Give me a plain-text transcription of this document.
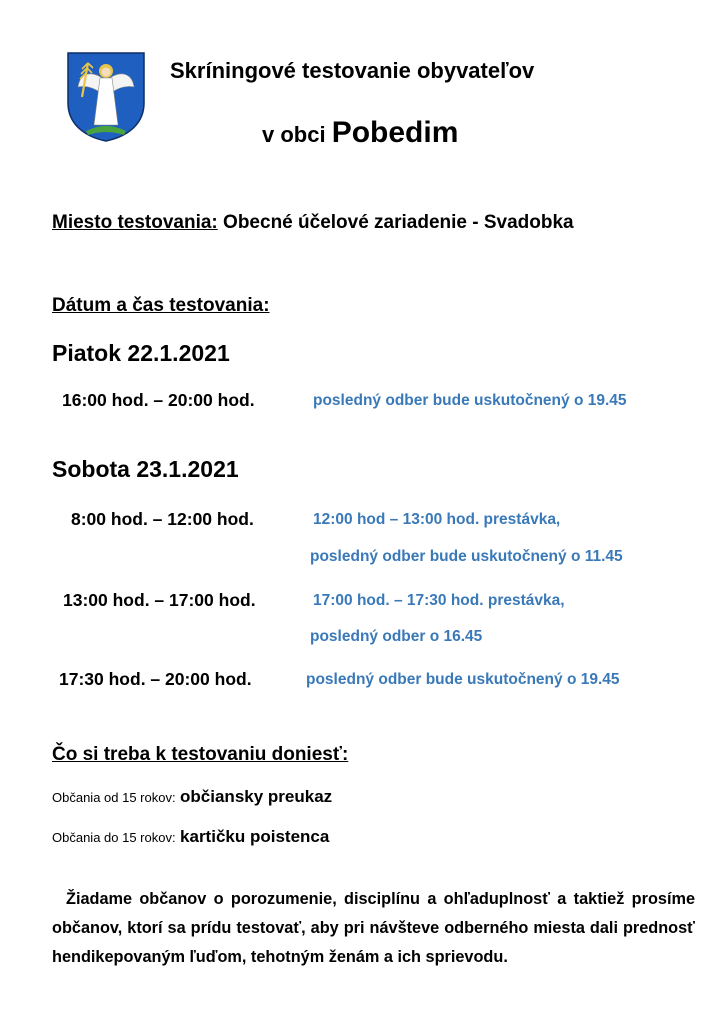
Skríningové testovanie obyvateľov
v obci Pobedim
Miesto testovania: Obecné účelové zariadenie - Svadobka
Dátum a čas testovania:
Piatok 22.1.2021
16:00 hod. – 20:00 hod.	posledný odber bude uskutočnený o 19.45
Sobota 23.1.2021
8:00 hod. – 12:00 hod.	12:00 hod – 13:00 hod. prestávka,
posledný odber bude uskutočnený o 11.45
13:00 hod. – 17:00 hod.	17:00 hod. – 17:30 hod. prestávka,
posledný odber o 16.45
17:30 hod. – 20:00 hod.	posledný odber bude uskutočnený o 19.45
Čo si treba k testovaniu doniesť:
Občania od 15 rokov: občiansky preukaz
Občania do 15 rokov: kartičku poistenca
Žiadame občanov o porozumenie, disciplínu a ohľaduplnosť a taktiež prosíme občanov, ktorí sa prídu testovať, aby pri návšteve odberného miesta dali prednosť hendikepovaným ľuďom, tehotným ženám a ich sprievodu.
